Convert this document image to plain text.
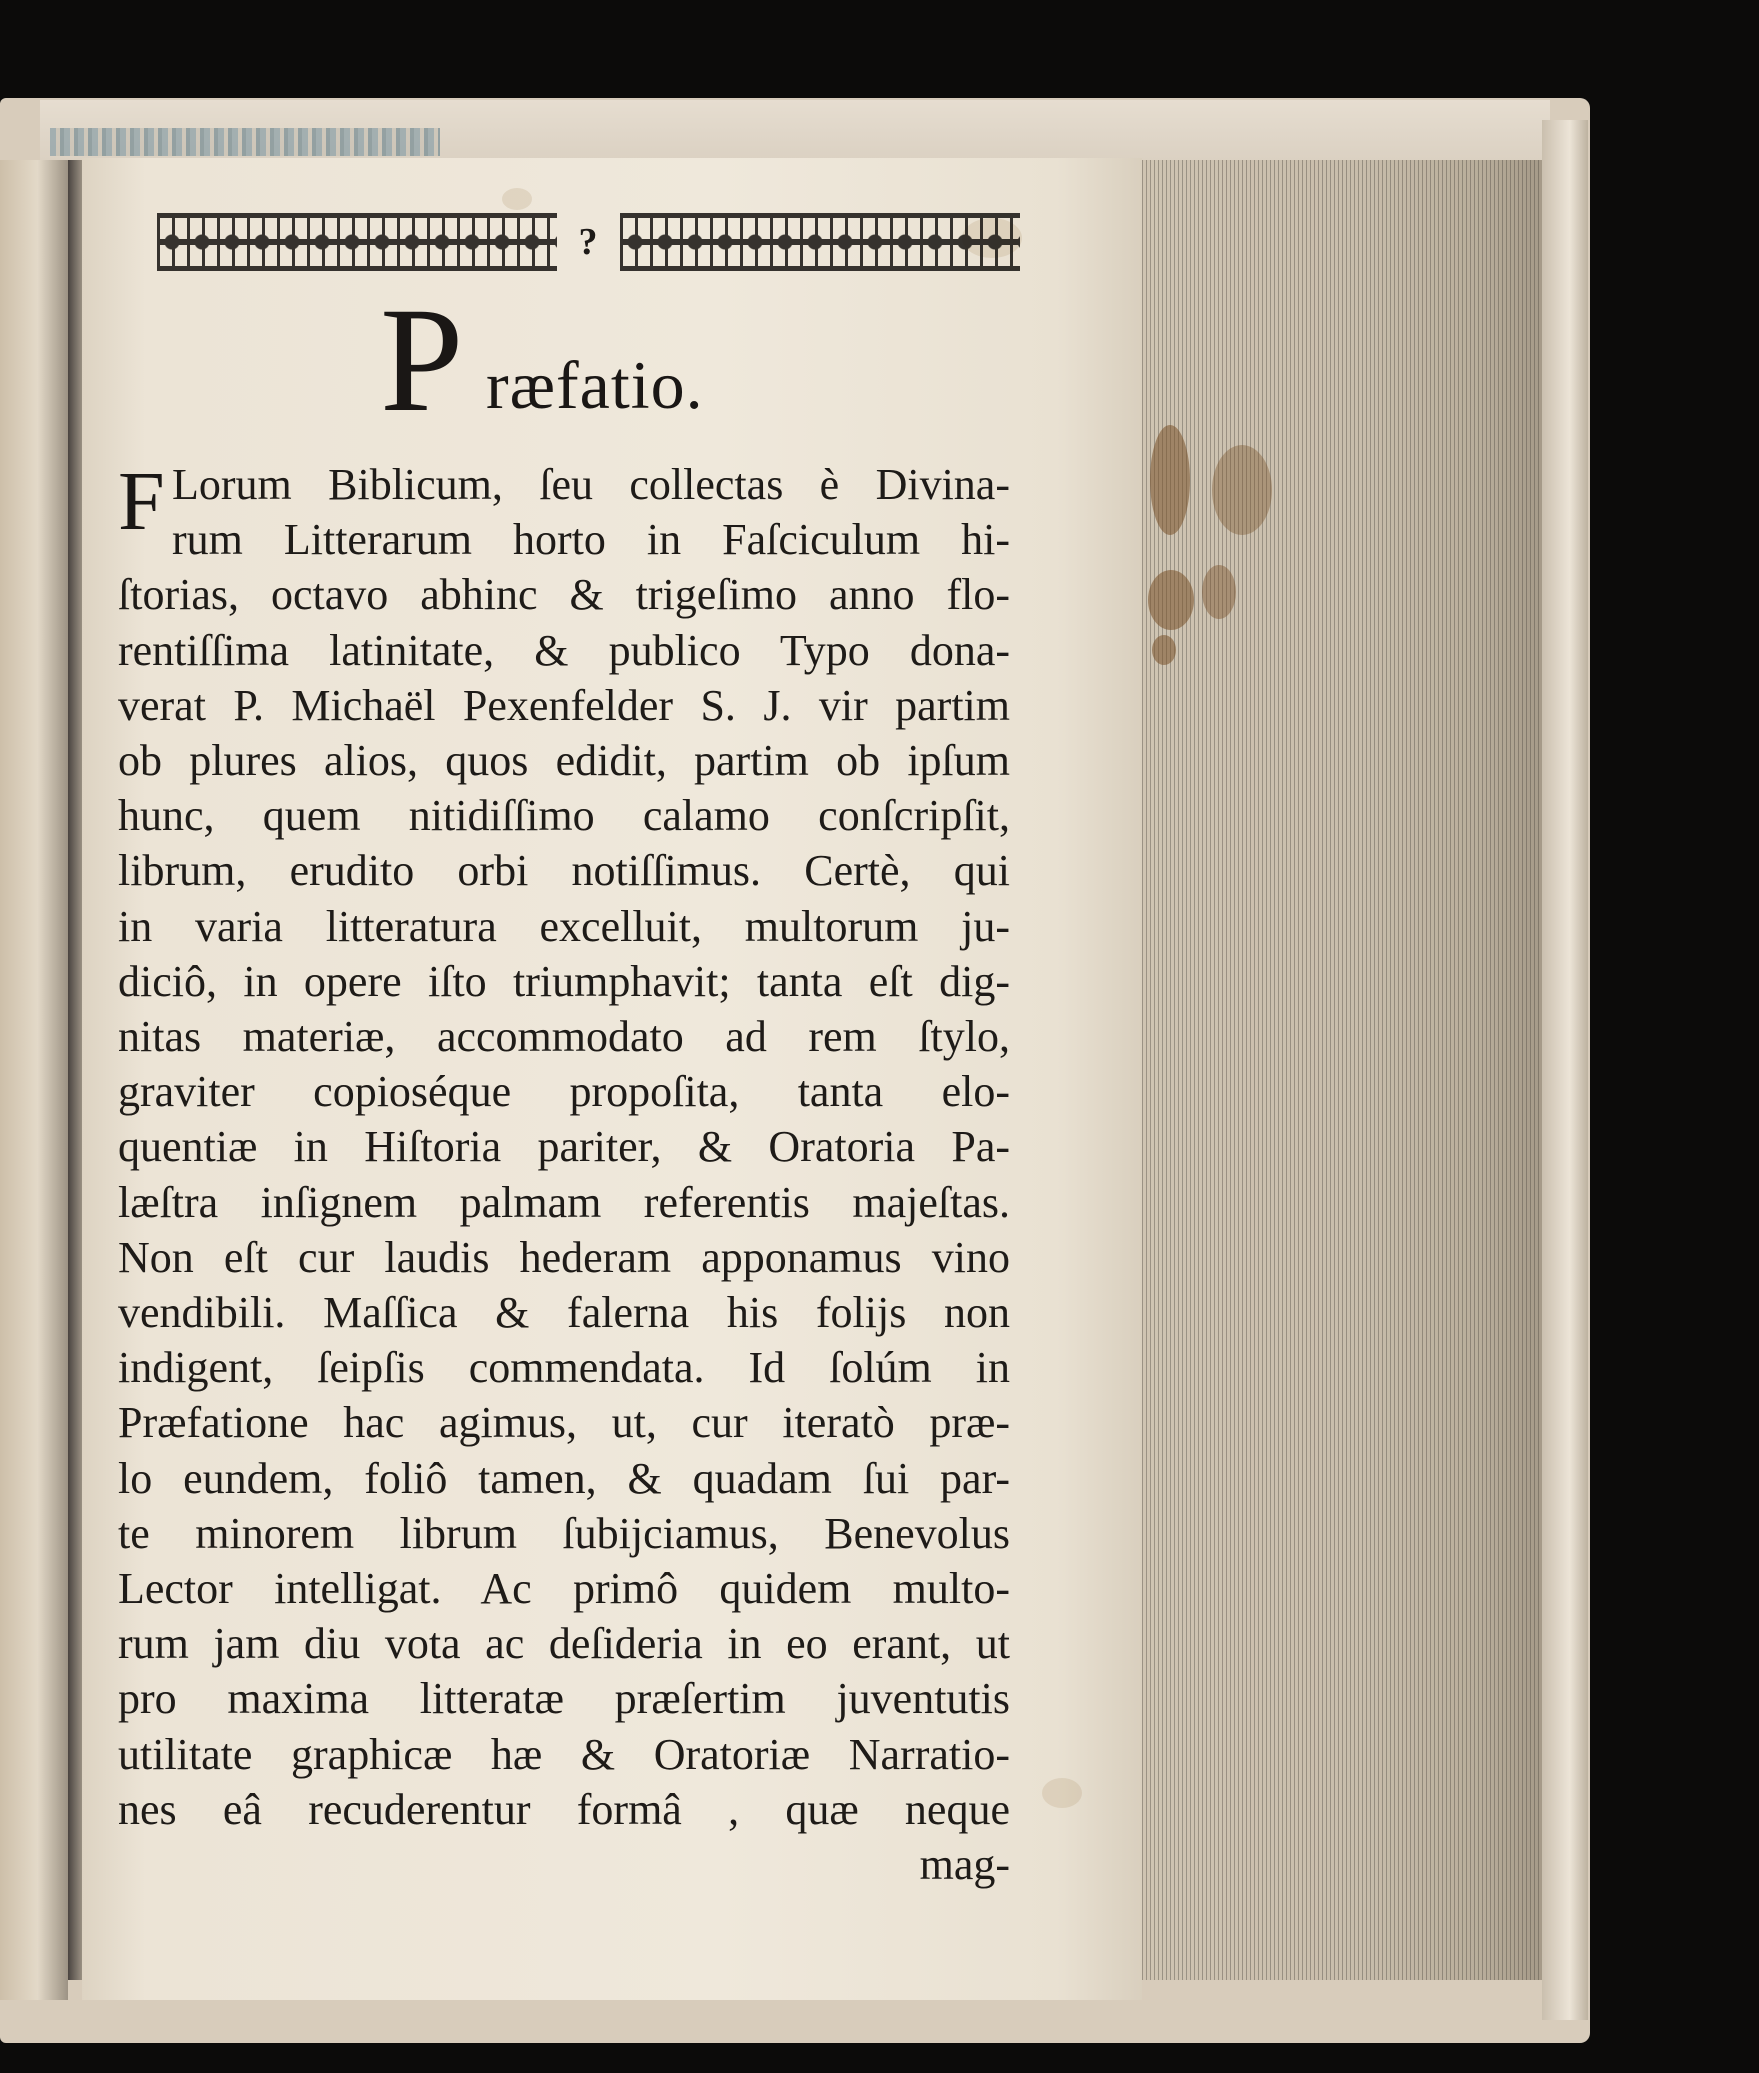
?
P ræfatio.
F Lorum Biblicum, ſeu collectas è Divina-
rum Litterarum horto in Faſciculum hi-
ſtorias, octavo abhinc & trigeſimo anno flo-
rentiſſima latinitate, & publico Typo dona-
verat P. Michaël Pexenfelder S. J. vir partim
ob plures alios, quos edidit, partim ob ipſum
hunc, quem nitidiſſimo calamo conſcripſit,
librum, erudito orbi notiſſimus. Certè, qui
in varia litteratura excelluit, multorum ju-
diciô, in opere iſto triumphavit; tanta eſt dig-
nitas materiæ, accommodato ad rem ſtylo,
graviter copioséque propoſita, tanta elo-
quentiæ in Hiſtoria pariter, & Oratoria Pa-
læſtra inſignem palmam referentis majeſtas.
Non eſt cur laudis hederam apponamus vino
vendibili. Maſſica & falerna his folijs non
indigent, ſeipſis commendata. Id ſolúm in
Præfatione hac agimus, ut, cur iteratò præ-
lo eundem, foliô tamen, & quadam ſui par-
te minorem librum ſubijciamus, Benevolus
Lector intelligat. Ac primô quidem multo-
rum jam diu vota ac deſideria in eo erant, ut
pro maxima litteratæ præſertim juventutis
utilitate graphicæ hæ & Oratoriæ Narratio-
nes eâ recuderentur formâ , quæ neque
mag-
